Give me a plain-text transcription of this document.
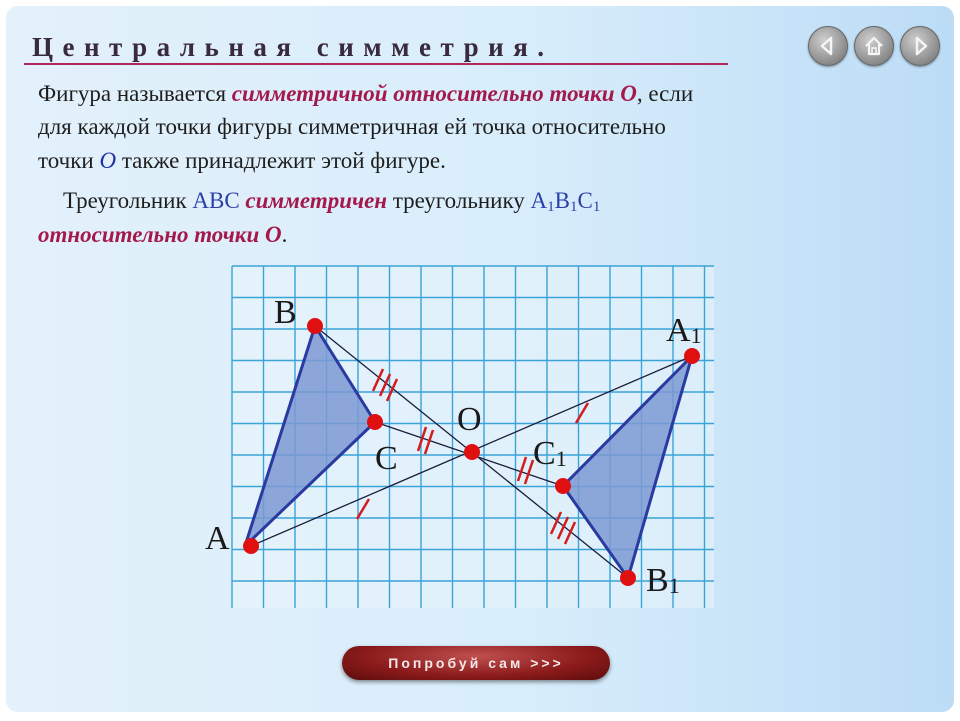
Центральная симметрия.
Фигура называется симметричной относительно точки O, если
для каждой точки фигуры симметричная ей точка относительно
точки O также принадлежит этой фигуре.
Треугольник ABC симметричен треугольнику $A_1B_1C_1$
относительно точки O.
A
B
C
O
A1
C1
B1
Попробуй сам >>>
